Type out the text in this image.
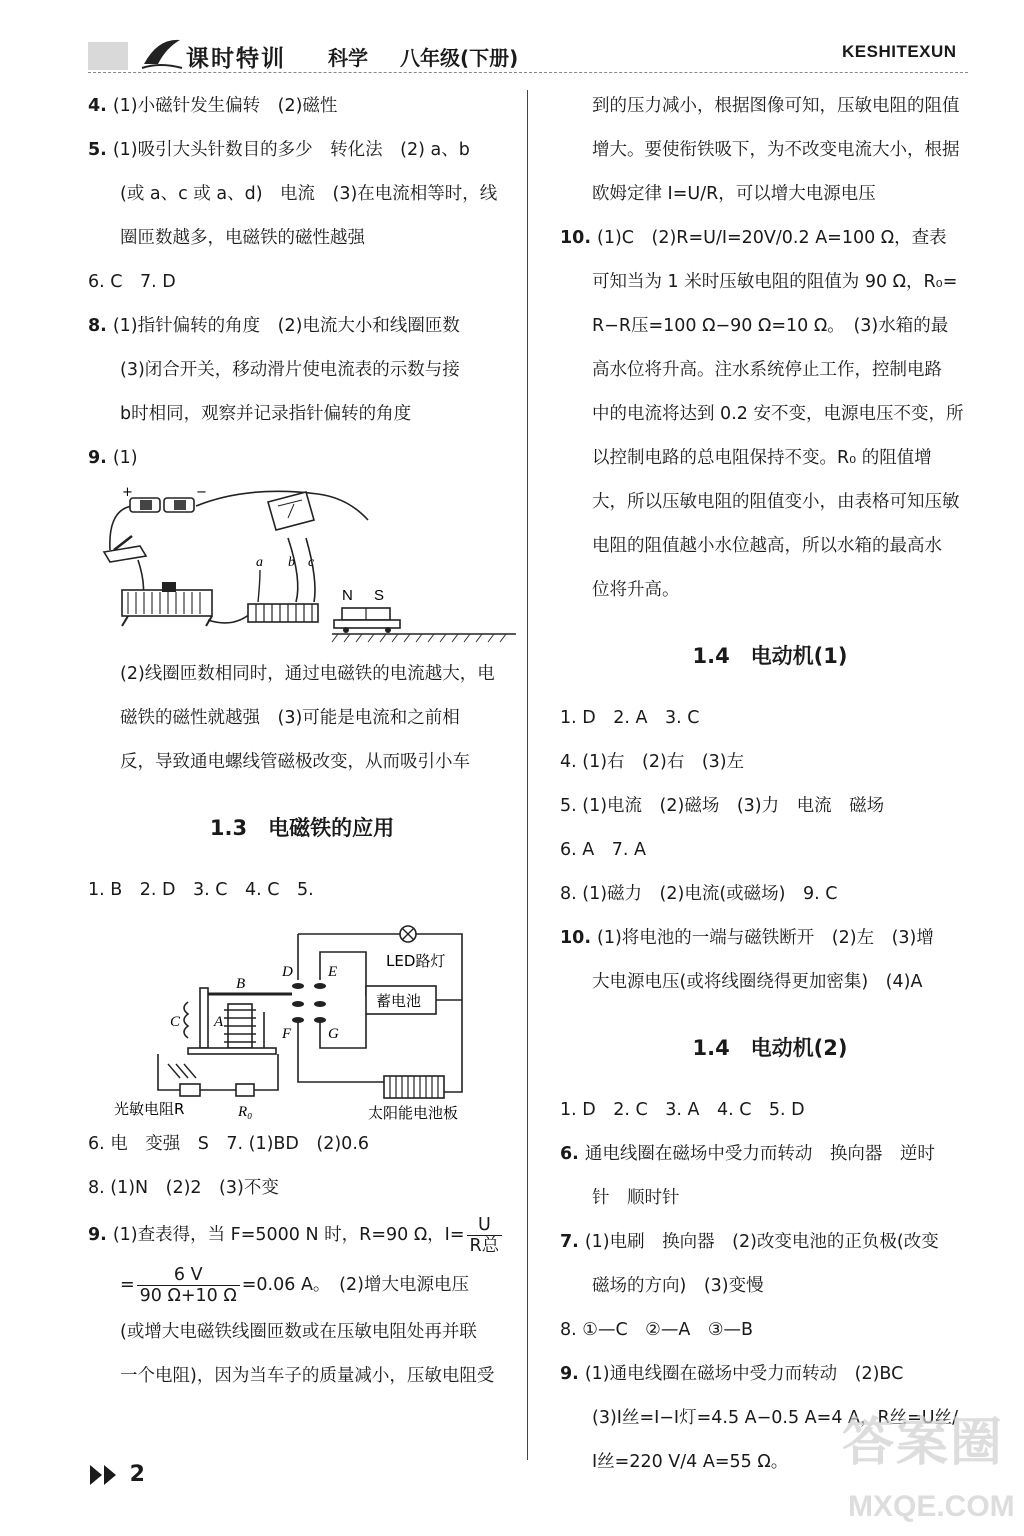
课时特训 科学 八年级(下册)	KESHITEXUN
4. (1)小磁针发生偏转　(2)磁性
5. (1)吸引大头针数目的多少　转化法　(2) a、b
(或 a、c 或 a、d)　电流　(3)在电流相等时，线
圈匝数越多，电磁铁的磁性越强
6. C　7. D
8. (1)指针偏转的角度　(2)电流大小和线圈匝数
(3)闭合开关，移动滑片使电流表的示数与接
b时相同，观察并记录指针偏转的角度
9. (1)
a b c
+	−
N S
(2)线圈匝数相同时，通过电磁铁的电流越大，电
磁铁的磁性就越强　(3)可能是电流和之前相
反，导致通电螺线管磁极改变，从而吸引小车
1.3　电磁铁的应用
1. B　2. D　3. C　4. C　5.
LED路灯
蓄电池
D E
F G
太阳能电池板
B
C A
光敏电阻R	R₀
6. 电　变强　S　7. (1)BD　(2)0.6
8. (1)N　(2)2　(3)不变
9. (1)查表得，当 F=5000 N 时，R=90 Ω，$I= \frac{U}{\text{R总}}$
= $\frac{6 V}{90 \Omega+10 \Omega} =0.06$ A。　(2)增大电源电压
(或增大电磁铁线圈匝数或在压敏电阻处再并联
一个电阻)，因为当车子的质量减小，压敏电阻受
到的压力减小，根据图像可知，压敏电阻的阻值
增大。要使衔铁吸下，为不改变电流大小，根据
欧姆定律 I=U/R，可以增大电源电压
10. (1)C　(2)R=U/I=20V/0.2 A=100 Ω，查表
可知当为 1 米时压敏电阻的阻值为 90 Ω，R₀=
R−R压=100 Ω−90 Ω=10 Ω。　(3)水箱的最
高水位将升高。注水系统停止工作，控制电路
中的电流将达到 0.2 安不变，电源电压不变，所
以控制电路的总电阻保持不变。R₀ 的阻值增
大，所以压敏电阻的阻值变小，由表格可知压敏
电阻的阻值越小水位越高，所以水箱的最高水
位将升高。
1.4　电动机(1)
1. D　2. A　3. C
4. (1)右　(2)右　(3)左
5. (1)电流　(2)磁场　(3)力　电流　磁场
6. A　7. A
8. (1)磁力　(2)电流(或磁场)　9. C
10. (1)将电池的一端与磁铁断开　(2)左　(3)增
大电源电压(或将线圈绕得更加密集)　(4)A
1.4　电动机(2)
1. D　2. C　3. A　4. C　5. D
6. 通电线圈在磁场中受力而转动　换向器　逆时
针　顺时针
7. (1)电刷　换向器　(2)改变电池的正负极(改变
磁场的方向)　(3)变慢
8. ①—C　②—A　③—B
9. (1)通电线圈在磁场中受力而转动　(2)BC
(3)I丝=I−I灯=4.5 A−0.5 A=4 A，R丝=U丝/
I丝=220 V/4 A=55 Ω。
2
答案圈
MXQE.COM
